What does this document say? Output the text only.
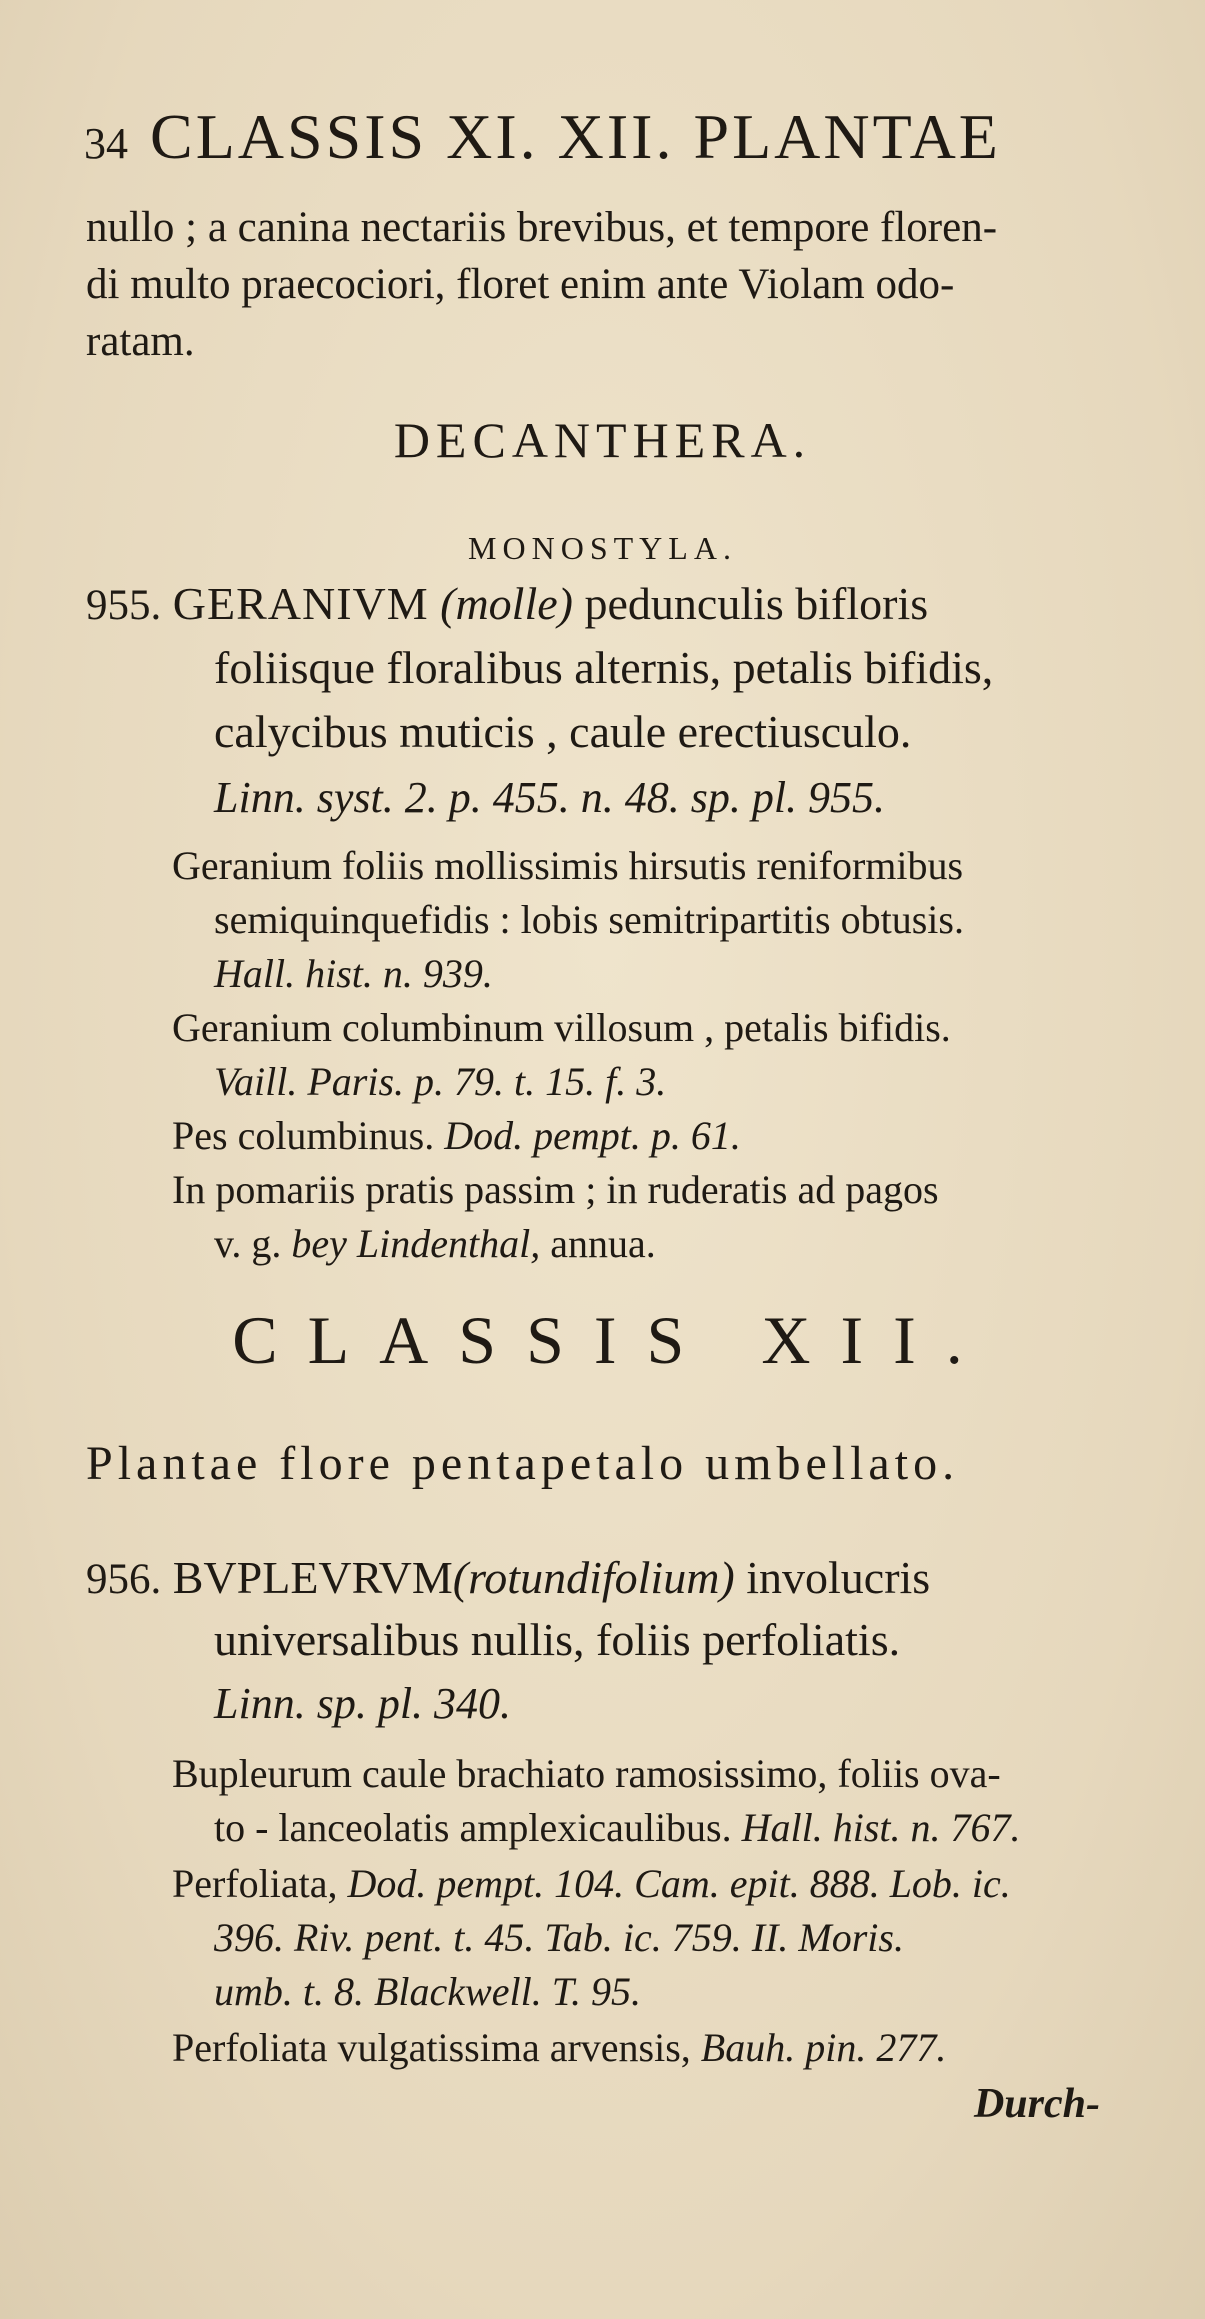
34 CLASSIS XI. XII. PLANTAE
nullo ; a canina nectariis brevibus, et tempore floren-
di multo praecociori, floret enim ante Violam odo-
ratam.
DECANTHERA.
MONOSTYLA.
955. GERANIVM (molle) pedunculis bifloris
foliisque floralibus alternis, petalis bifidis,
calycibus muticis , caule erectiusculo.
Linn. syst. 2. p. 455. n. 48. sp. pl. 955.
Geranium foliis mollissimis hirsutis reniformibus
semiquinquefidis : lobis semitripartitis obtusis.
Hall. hist. n. 939.
Geranium columbinum villosum , petalis bifidis.
Vaill. Paris. p. 79. t. 15. f. 3.
Pes columbinus. Dod. pempt. p. 61.
In pomariis pratis passim ; in ruderatis ad pagos
v. g. bey Lindenthal, annua.
CLASSIS XII.
Plantae flore pentapetalo umbellato.
956. BVPLEVRVM(rotundifolium) involucris
universalibus nullis, foliis perfoliatis.
Linn. sp. pl. 340.
Bupleurum caule brachiato ramosissimo, foliis ova-
to - lanceolatis amplexicaulibus. Hall. hist. n. 767.
Perfoliata, Dod. pempt. 104. Cam. epit. 888. Lob. ic.
396. Riv. pent. t. 45. Tab. ic. 759. II. Moris.
umb. t. 8. Blackwell. T. 95.
Perfoliata vulgatissima arvensis, Bauh. pin. 277.
Durch-
